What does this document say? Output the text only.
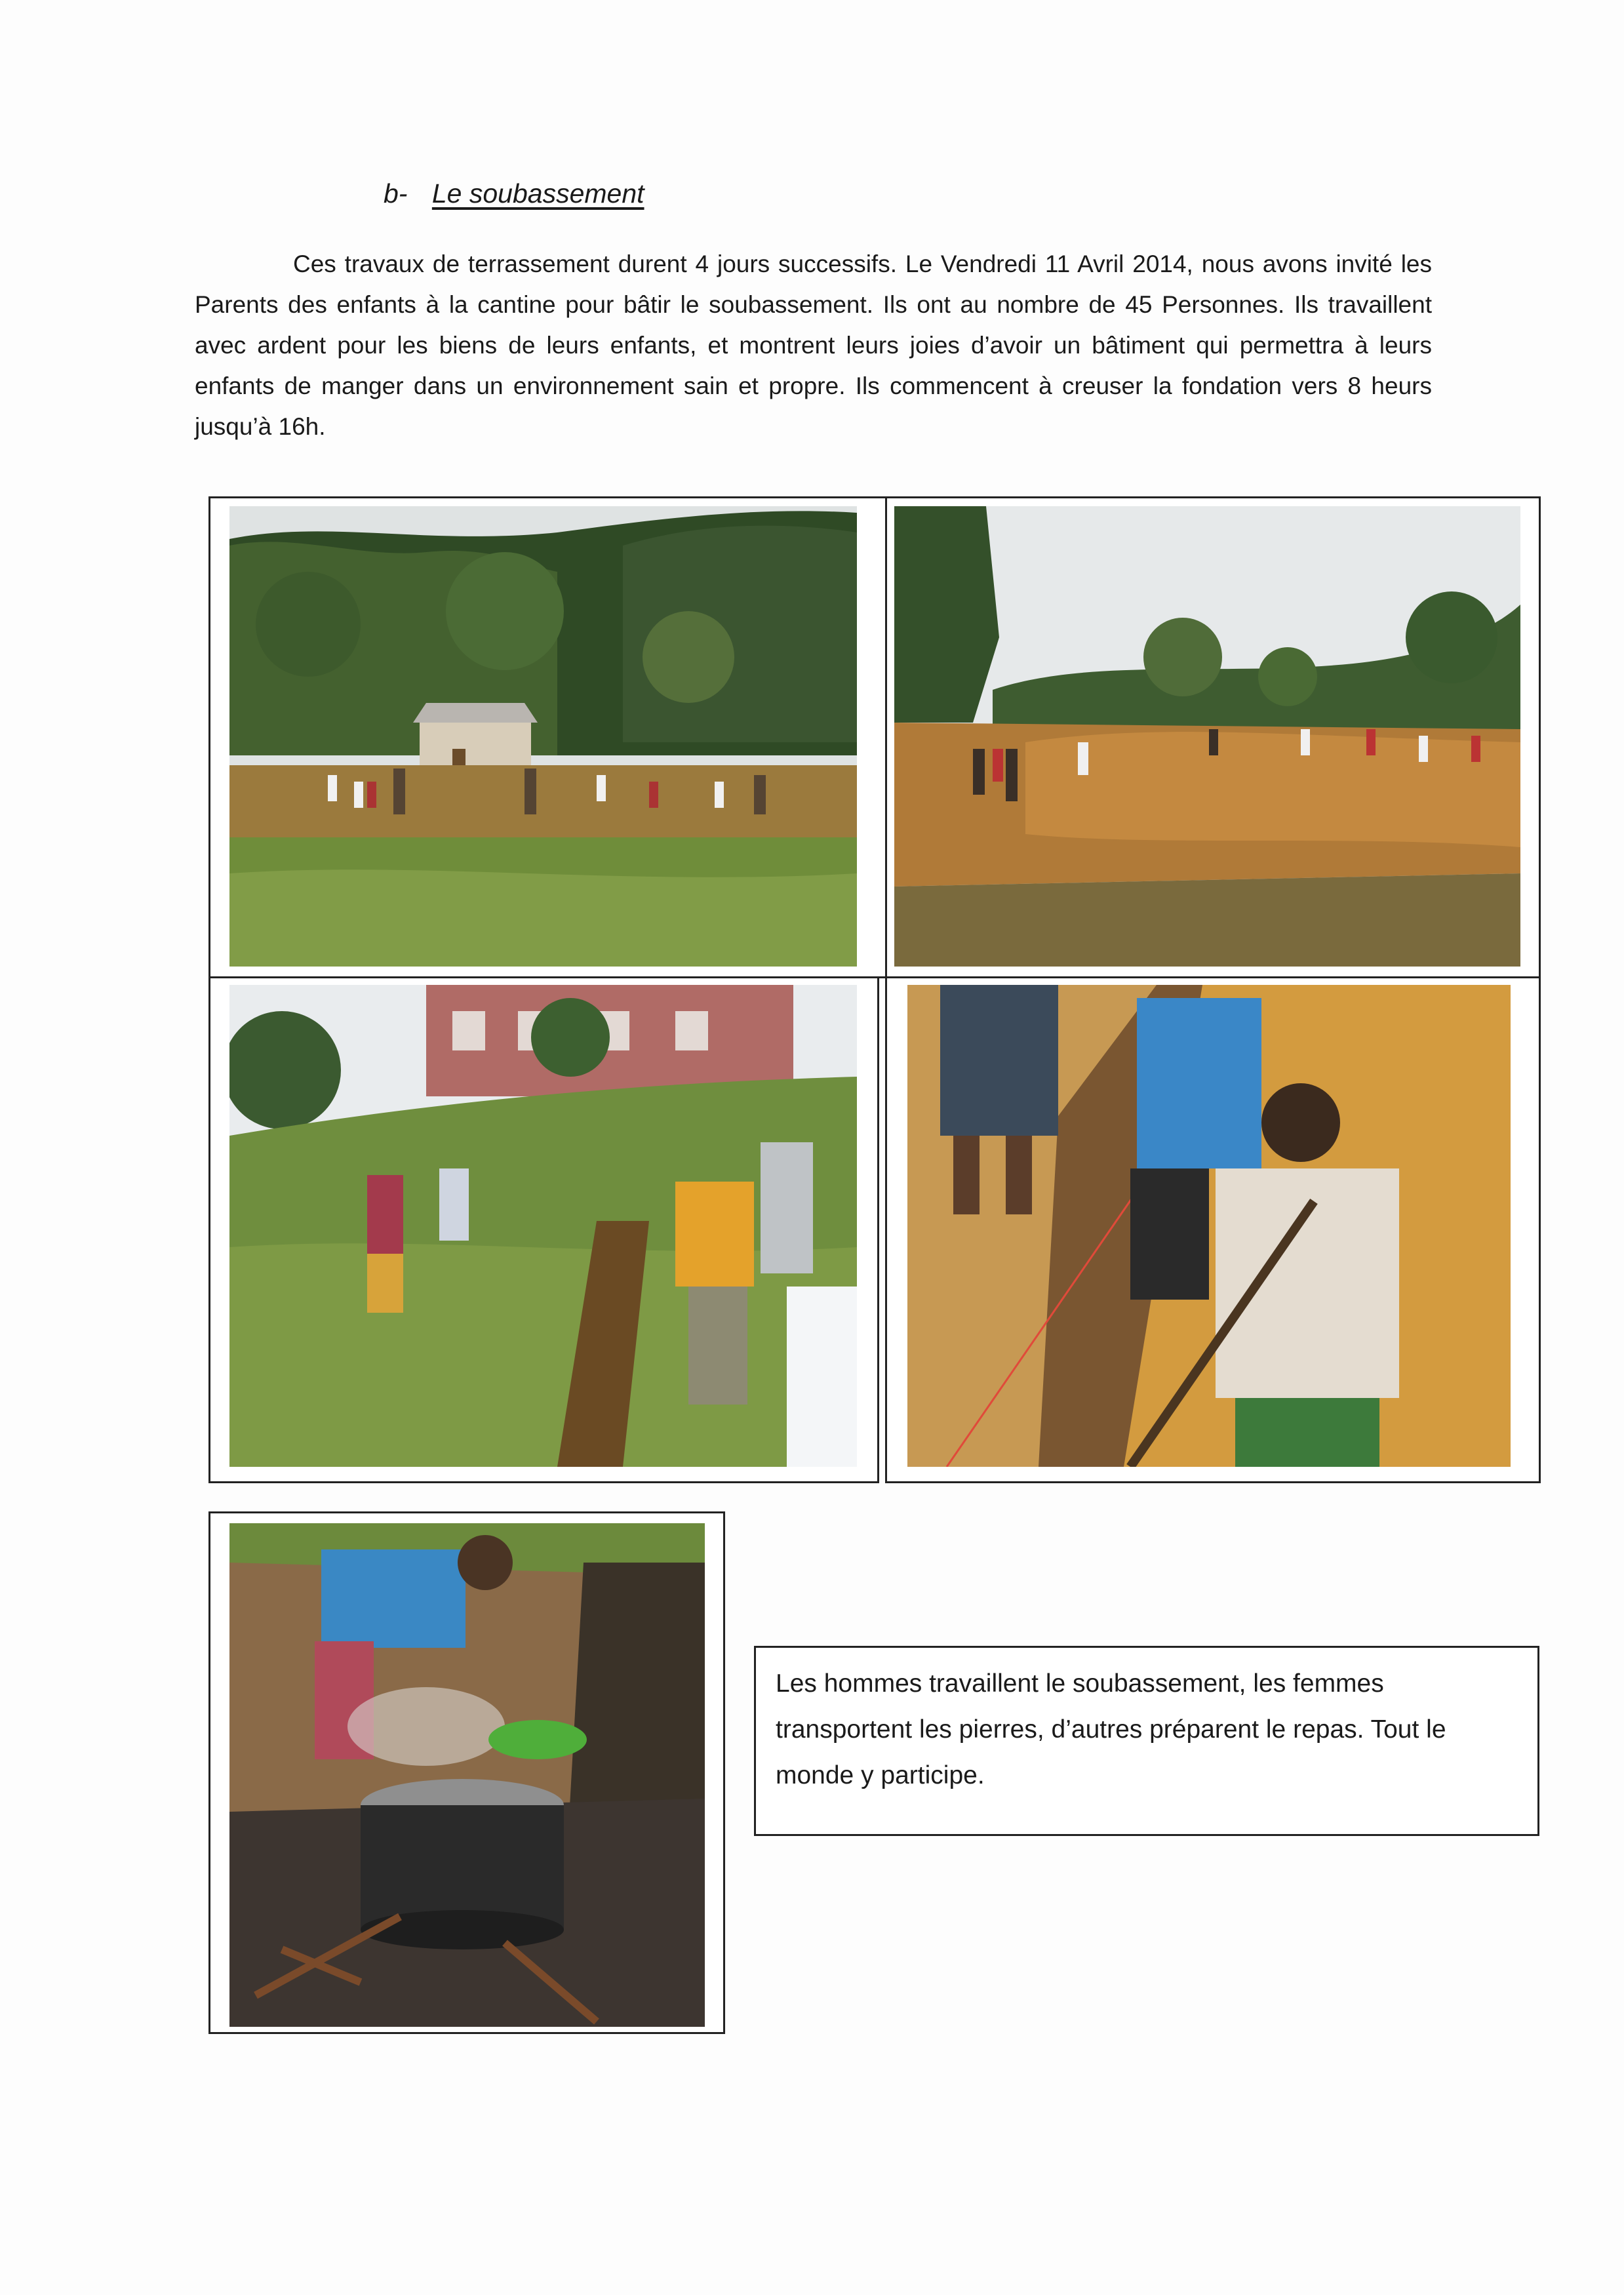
b- Le soubassement

Ces travaux de terrassement durent 4 jours successifs. Le Vendredi 11 Avril 2014, nous avons invité les Parents des enfants à la cantine pour bâtir le soubassement. Ils ont au nombre de 45 Personnes. Ils travaillent avec ardent pour les biens de leurs enfants, et montrent leurs joies d’avoir un bâtiment qui permettra à leurs enfants de manger dans un environnement sain et propre. Ils commencent à creuser la fondation vers 8 heurs jusqu’à 16h.

Les hommes travaillent le soubassement, les femmes transportent les pierres, d’autres préparent le repas. Tout le monde y participe.
